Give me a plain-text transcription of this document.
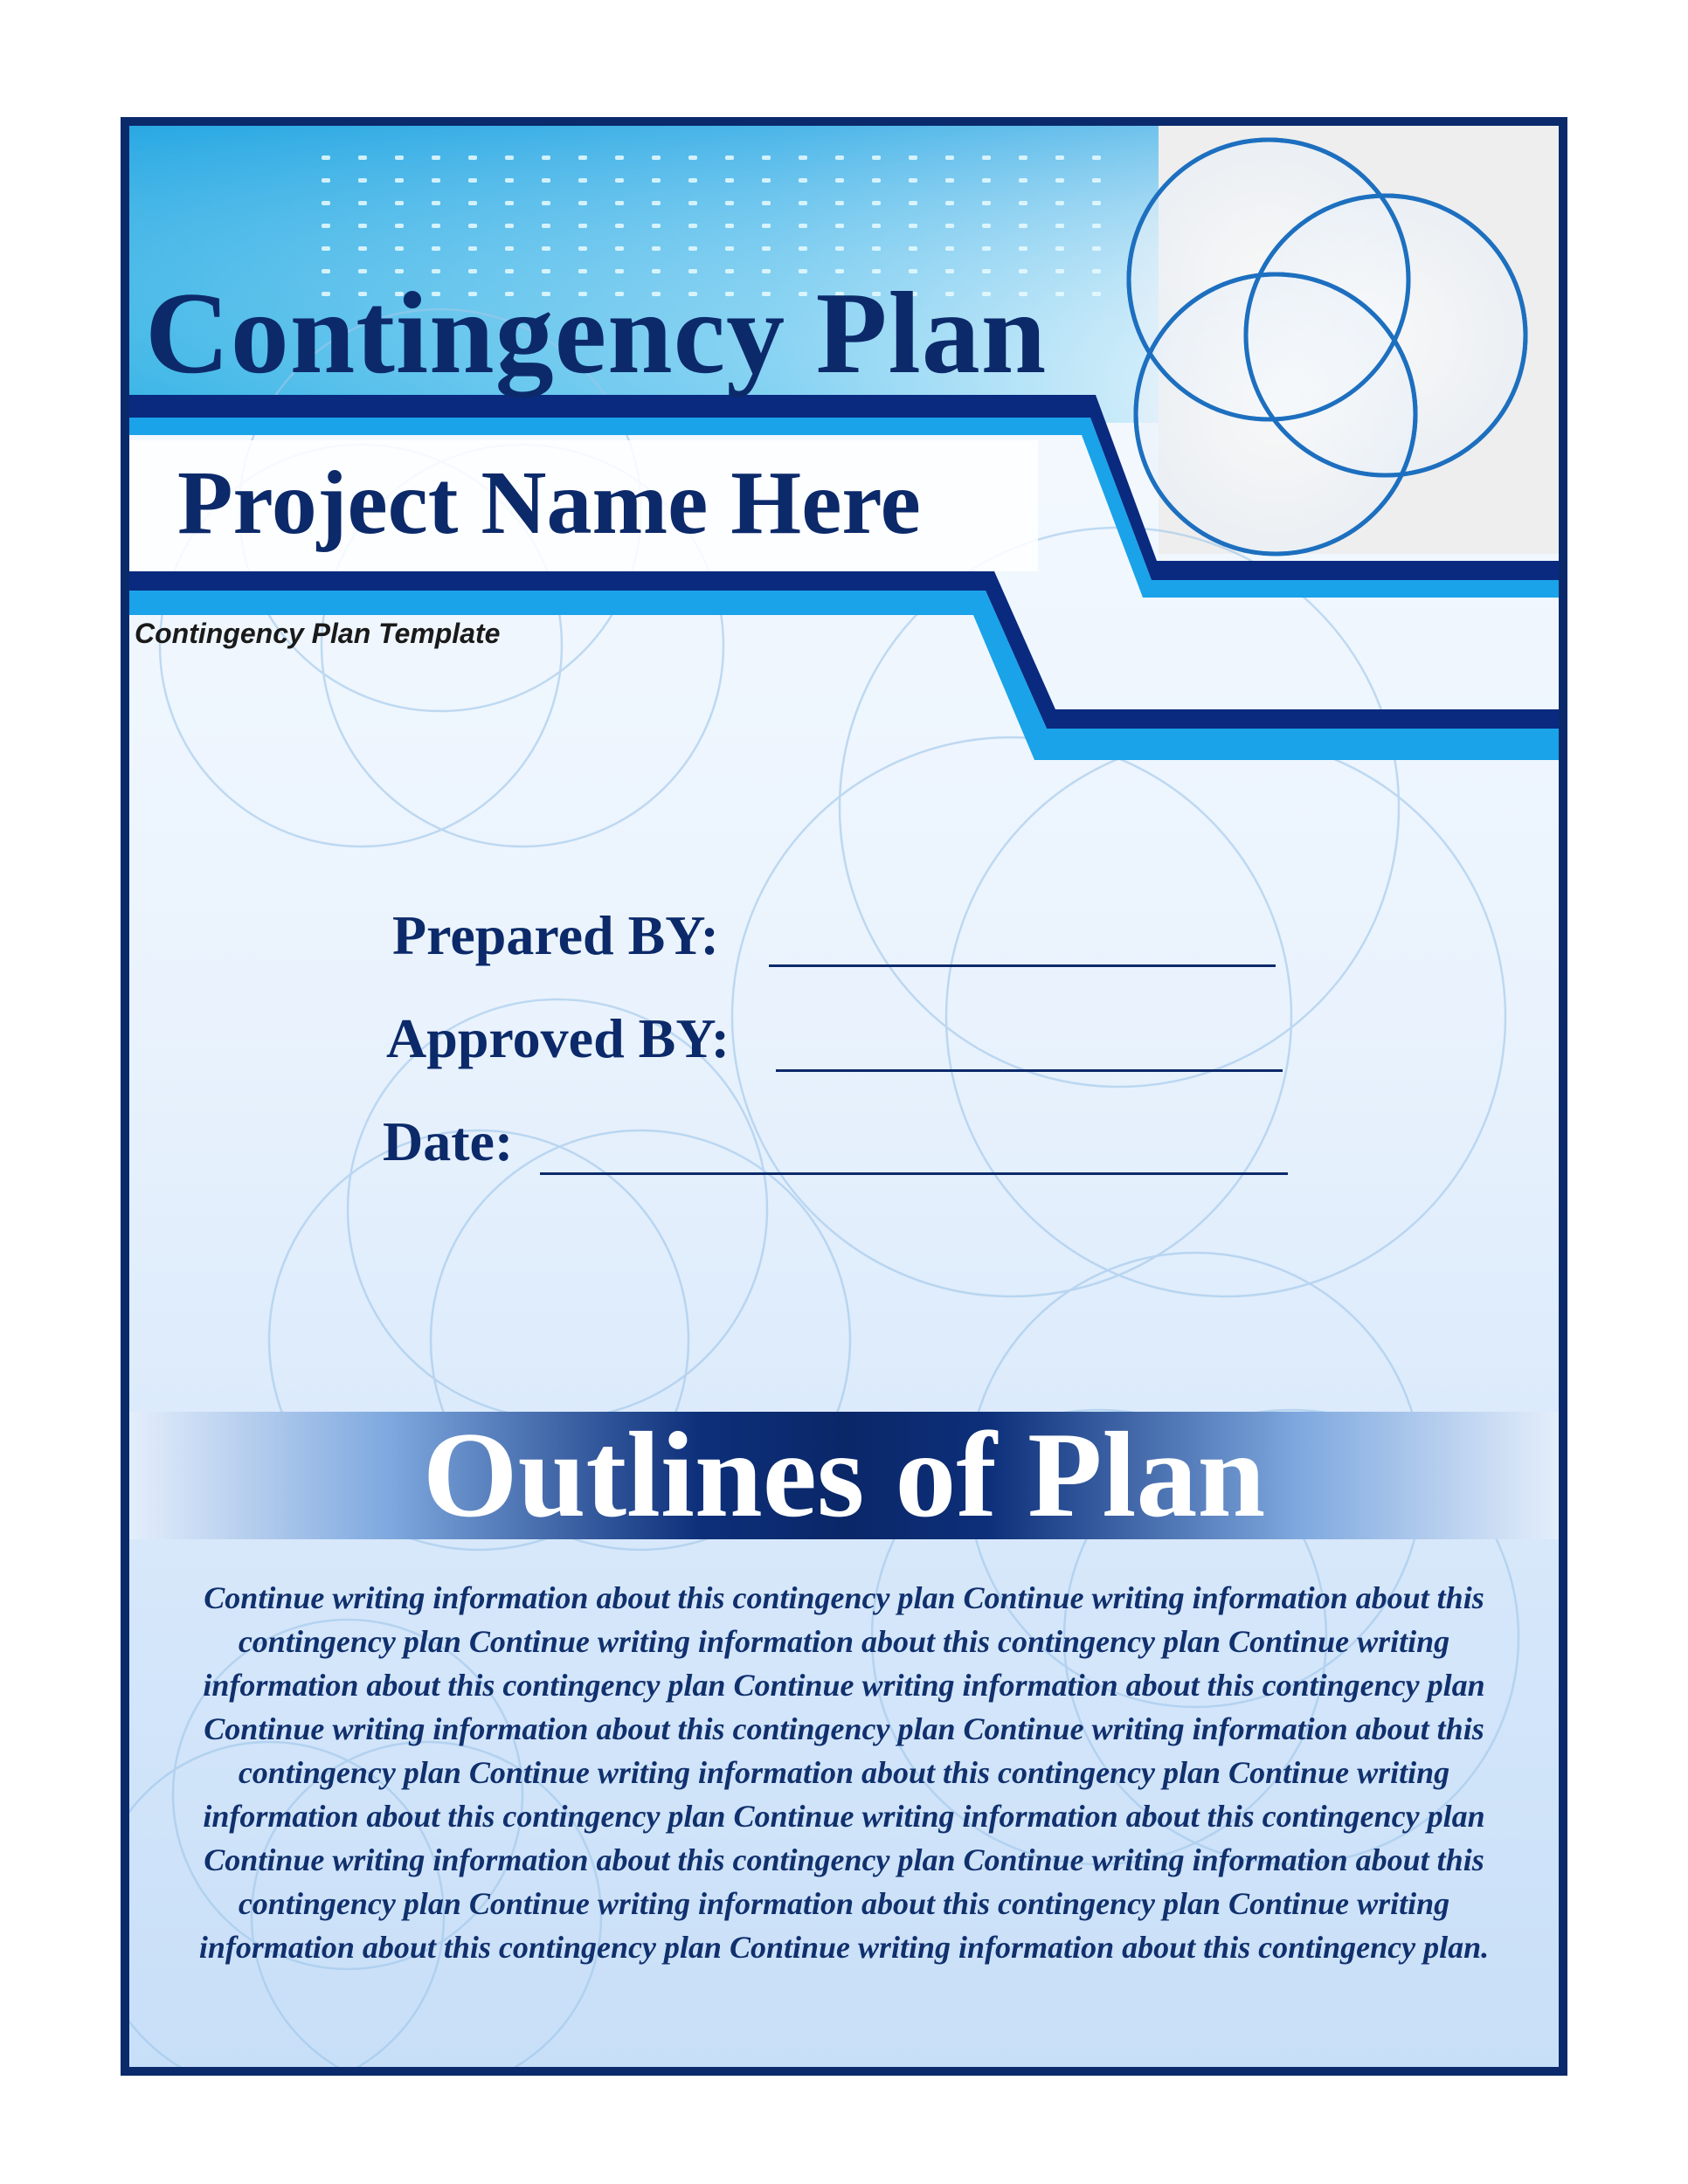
Contingency Plan
Project Name Here
Contingency Plan Template
Prepared BY:
Approved BY:
Date:
Outlines of Plan
Continue writing information about this contingency plan Continue writing information about this contingency plan Continue writing information about this contingency plan Continue writing information about this contingency plan Continue writing information about this contingency plan Continue writing information about this contingency plan Continue writing information about this contingency plan Continue writing information about this contingency plan Continue writing information about this contingency plan Continue writing information about this contingency plan Continue writing information about this contingency plan Continue writing information about this contingency plan Continue writing information about this contingency plan Continue writing information about this contingency plan Continue writing information about this contingency plan.
